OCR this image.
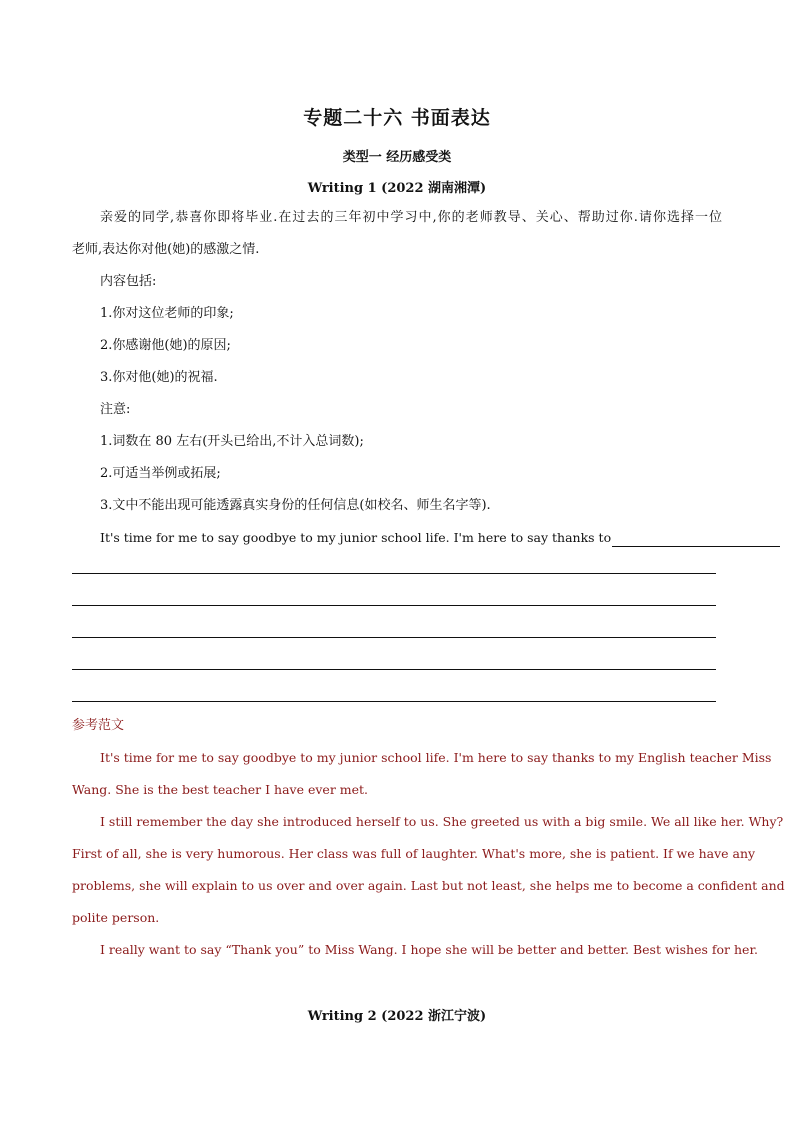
专题二十六 书面表达
类型一 经历感受类
Writing 1 (2022 湖南湘潭)
亲爱的同学,恭喜你即将毕业.在过去的三年初中学习中,你的老师教导、关心、帮助过你.请你选择一位
老师,表达你对他(她)的感激之情.
内容包括:
1.你对这位老师的印象;
2.你感谢他(她)的原因;
3.你对他(她)的祝福.
注意:
1.词数在 80 左右(开头已给出,不计入总词数);
2.可适当举例或拓展;
3.文中不能出现可能透露真实身份的任何信息(如校名、师生名字等).
It's time for me to say goodbye to my junior school life. I'm here to say thanks to
参考范文
It's time for me to say goodbye to my junior school life. I'm here to say thanks to my English teacher Miss
Wang. She is the best teacher I have ever met.
I still remember the day she introduced herself to us. She greeted us with a big smile. We all like her. Why?
First of all, she is very humorous. Her class was full of laughter. What's more, she is patient. If we have any
problems, she will explain to us over and over again. Last but not least, she helps me to become a confident and
polite person.
I really want to say “Thank you” to Miss Wang. I hope she will be better and better. Best wishes for her.
Writing 2 (2022 浙江宁波)
